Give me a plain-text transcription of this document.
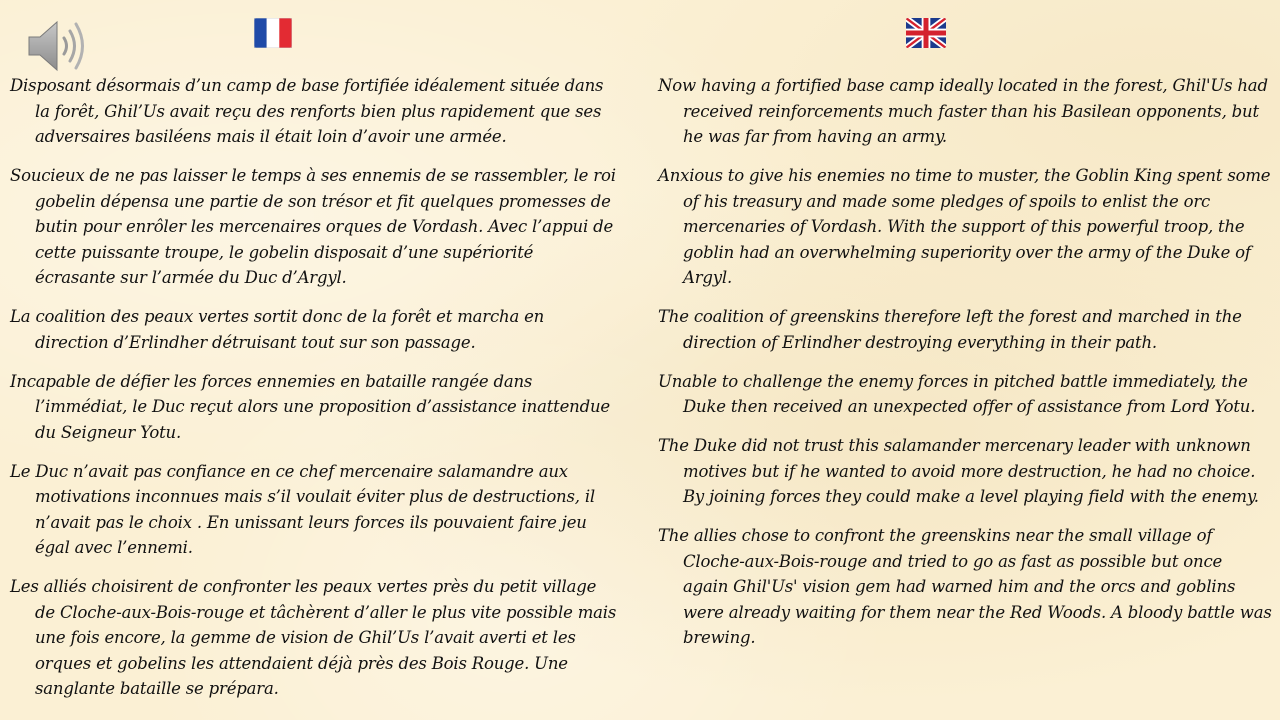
Disposant désormais d’un camp de base fortifiée idéalement située dans la forêt, Ghil’Us avait reçu des renforts bien plus rapidement que ses adversaires basiléens mais il était loin d’avoir une armée.

Soucieux de ne pas laisser le temps à ses ennemis de se rassembler, le roi gobelin dépensa une partie de son trésor et fit quelques promesses de butin pour enrôler les mercenaires orques de Vordash. Avec l’appui de cette puissante troupe, le gobelin disposait d’une supériorité écrasante sur l’armée du Duc d’Argyl.

La coalition des peaux vertes sortit donc de la forêt et marcha en direction d’Erlindher détruisant tout sur son passage.

Incapable de défier les forces ennemies en bataille rangée dans l’immédiat, le Duc reçut alors une proposition d’assistance inattendue du Seigneur Yotu.

Le Duc n’avait pas confiance en ce chef mercenaire salamandre aux motivations inconnues mais s’il voulait éviter plus de destructions, il n’avait pas le choix . En unissant leurs forces ils pouvaient faire jeu égal avec l’ennemi.

Les alliés choisirent de confronter les peaux vertes près du petit village de Cloche-aux-Bois-rouge et tâchèrent d’aller le plus vite possible mais une fois encore, la gemme de vision de Ghil’Us l’avait averti et les orques et gobelins les attendaient déjà près des Bois Rouge. Une sanglante bataille se prépara.

Now having a fortified base camp ideally located in the forest, Ghil'Us had received reinforcements much faster than his Basilean opponents, but he was far from having an army.

Anxious to give his enemies no time to muster, the Goblin King spent some of his treasury and made some pledges of spoils to enlist the orc mercenaries of Vordash. With the support of this powerful troop, the goblin had an overwhelming superiority over the army of the Duke of Argyl.

The coalition of greenskins therefore left the forest and marched in the direction of Erlindher destroying everything in their path.

Unable to challenge the enemy forces in pitched battle immediately, the Duke then received an unexpected offer of assistance from Lord Yotu.

The Duke did not trust this salamander mercenary leader with unknown motives but if he wanted to avoid more destruction, he had no choice. By joining forces they could make a level playing field with the enemy.

The allies chose to confront the greenskins near the small village of Cloche-aux-Bois-rouge and tried to go as fast as possible but once again Ghil'Us' vision gem had warned him and the orcs and goblins were already waiting for them near the Red Woods. A bloody battle was brewing.
